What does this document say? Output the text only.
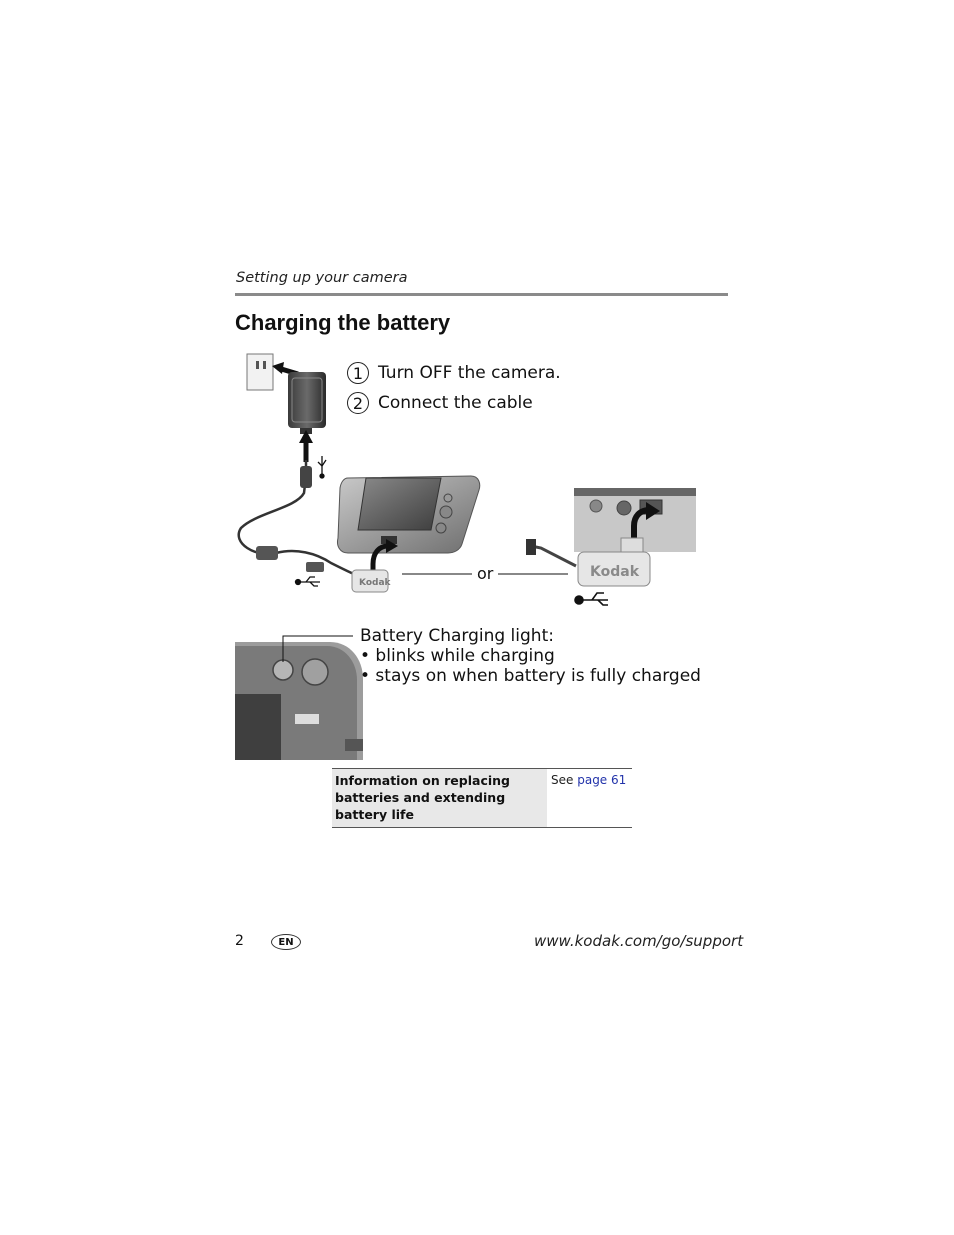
Setting up your camera
Charging the battery
Kodak
Kodak
1 Turn OFF the camera.
2 Connect the cable
or
Battery Charging light:
• blinks while charging
• stays on when battery is fully charged
Information on replacing batteries and extending battery life
See page 61
2	EN	www.kodak.com/go/support
